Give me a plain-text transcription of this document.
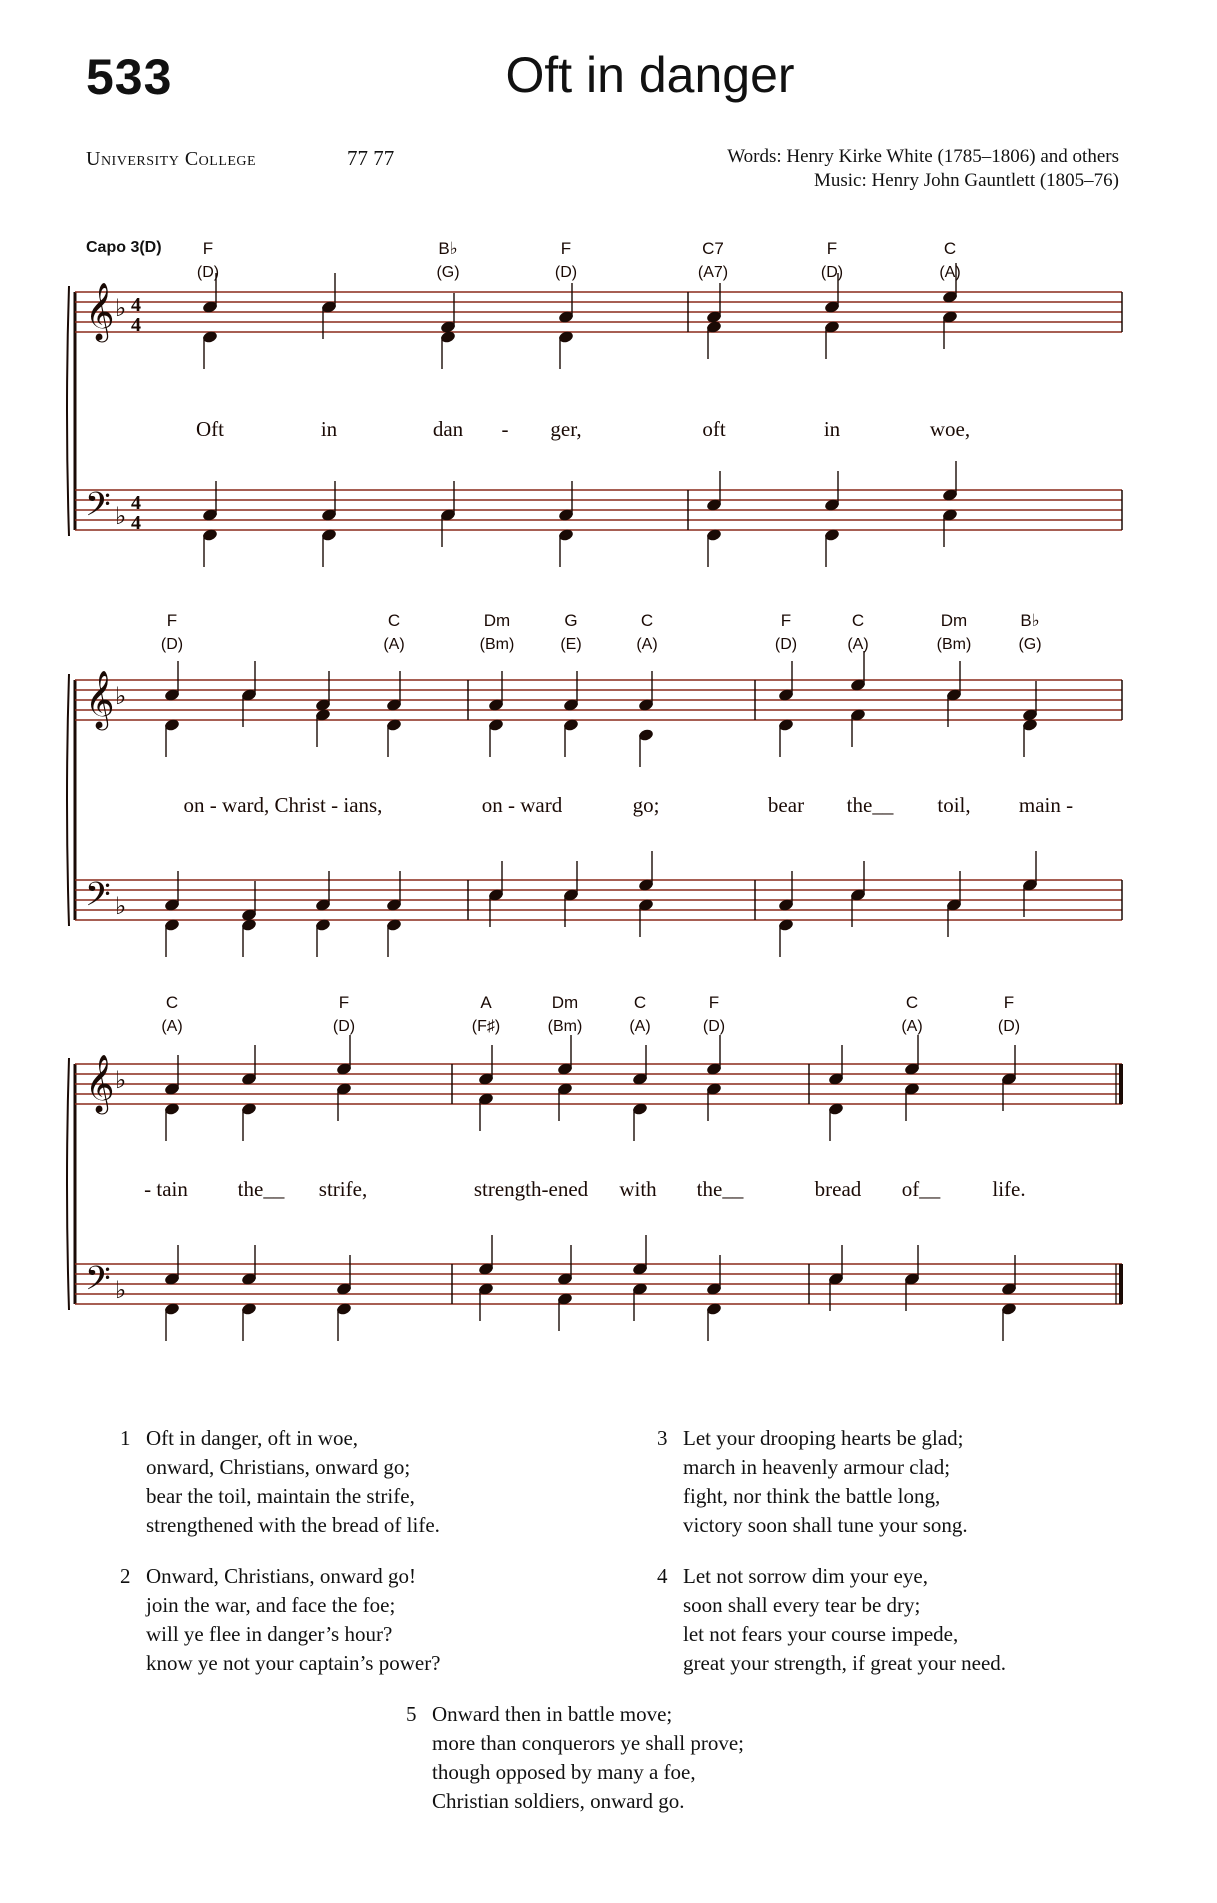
533	Oft in danger
University College	77 77	Words: Henry Kirke White (1785–1806) and others
Music: Henry John Gauntlett (1805–76)
Capo 3(D)
𝄞 ♭ 4
4
𝄢 ♭ 4
4
F
(D)
B♭
(G)
F
(D)
C7
(A7)
F
(D)
C
(A)
Oft	in	dan - ger,	oft	in	woe,
𝄞 ♭
𝄢 ♭
F
(D)
C
(A)
Dm
(Bm)
G
(E)
C
(A)
F
(D)
C
(A)
Dm
(Bm)
B♭
(G)
on - ward, Christ - ians,	on - ward	go;	bear the__ toil, main -
𝄞 ♭
𝄢 ♭
C
(A)
F
(D)
A
(F♯)
Dm
(Bm)
C
(A)
F
(D)
C
(A)
F
(D)
- tain the__ strife,	strength-ened with the__	bread of__ life.
1 Oft in danger, oft in woe,
onward, Christians, onward go;
bear the toil, maintain the strife,
strengthened with the bread of life.
2 Onward, Christians, onward go!
join the war, and face the foe;
will ye flee in danger’s hour?
know ye not your captain’s power?
3 Let your drooping hearts be glad;
march in heavenly armour clad;
fight, nor think the battle long,
victory soon shall tune your song.
4 Let not sorrow dim your eye,
soon shall every tear be dry;
let not fears your course impede,
great your strength, if great your need.
5 Onward then in battle move;
more than conquerors ye shall prove;
though opposed by many a foe,
Christian soldiers, onward go.
